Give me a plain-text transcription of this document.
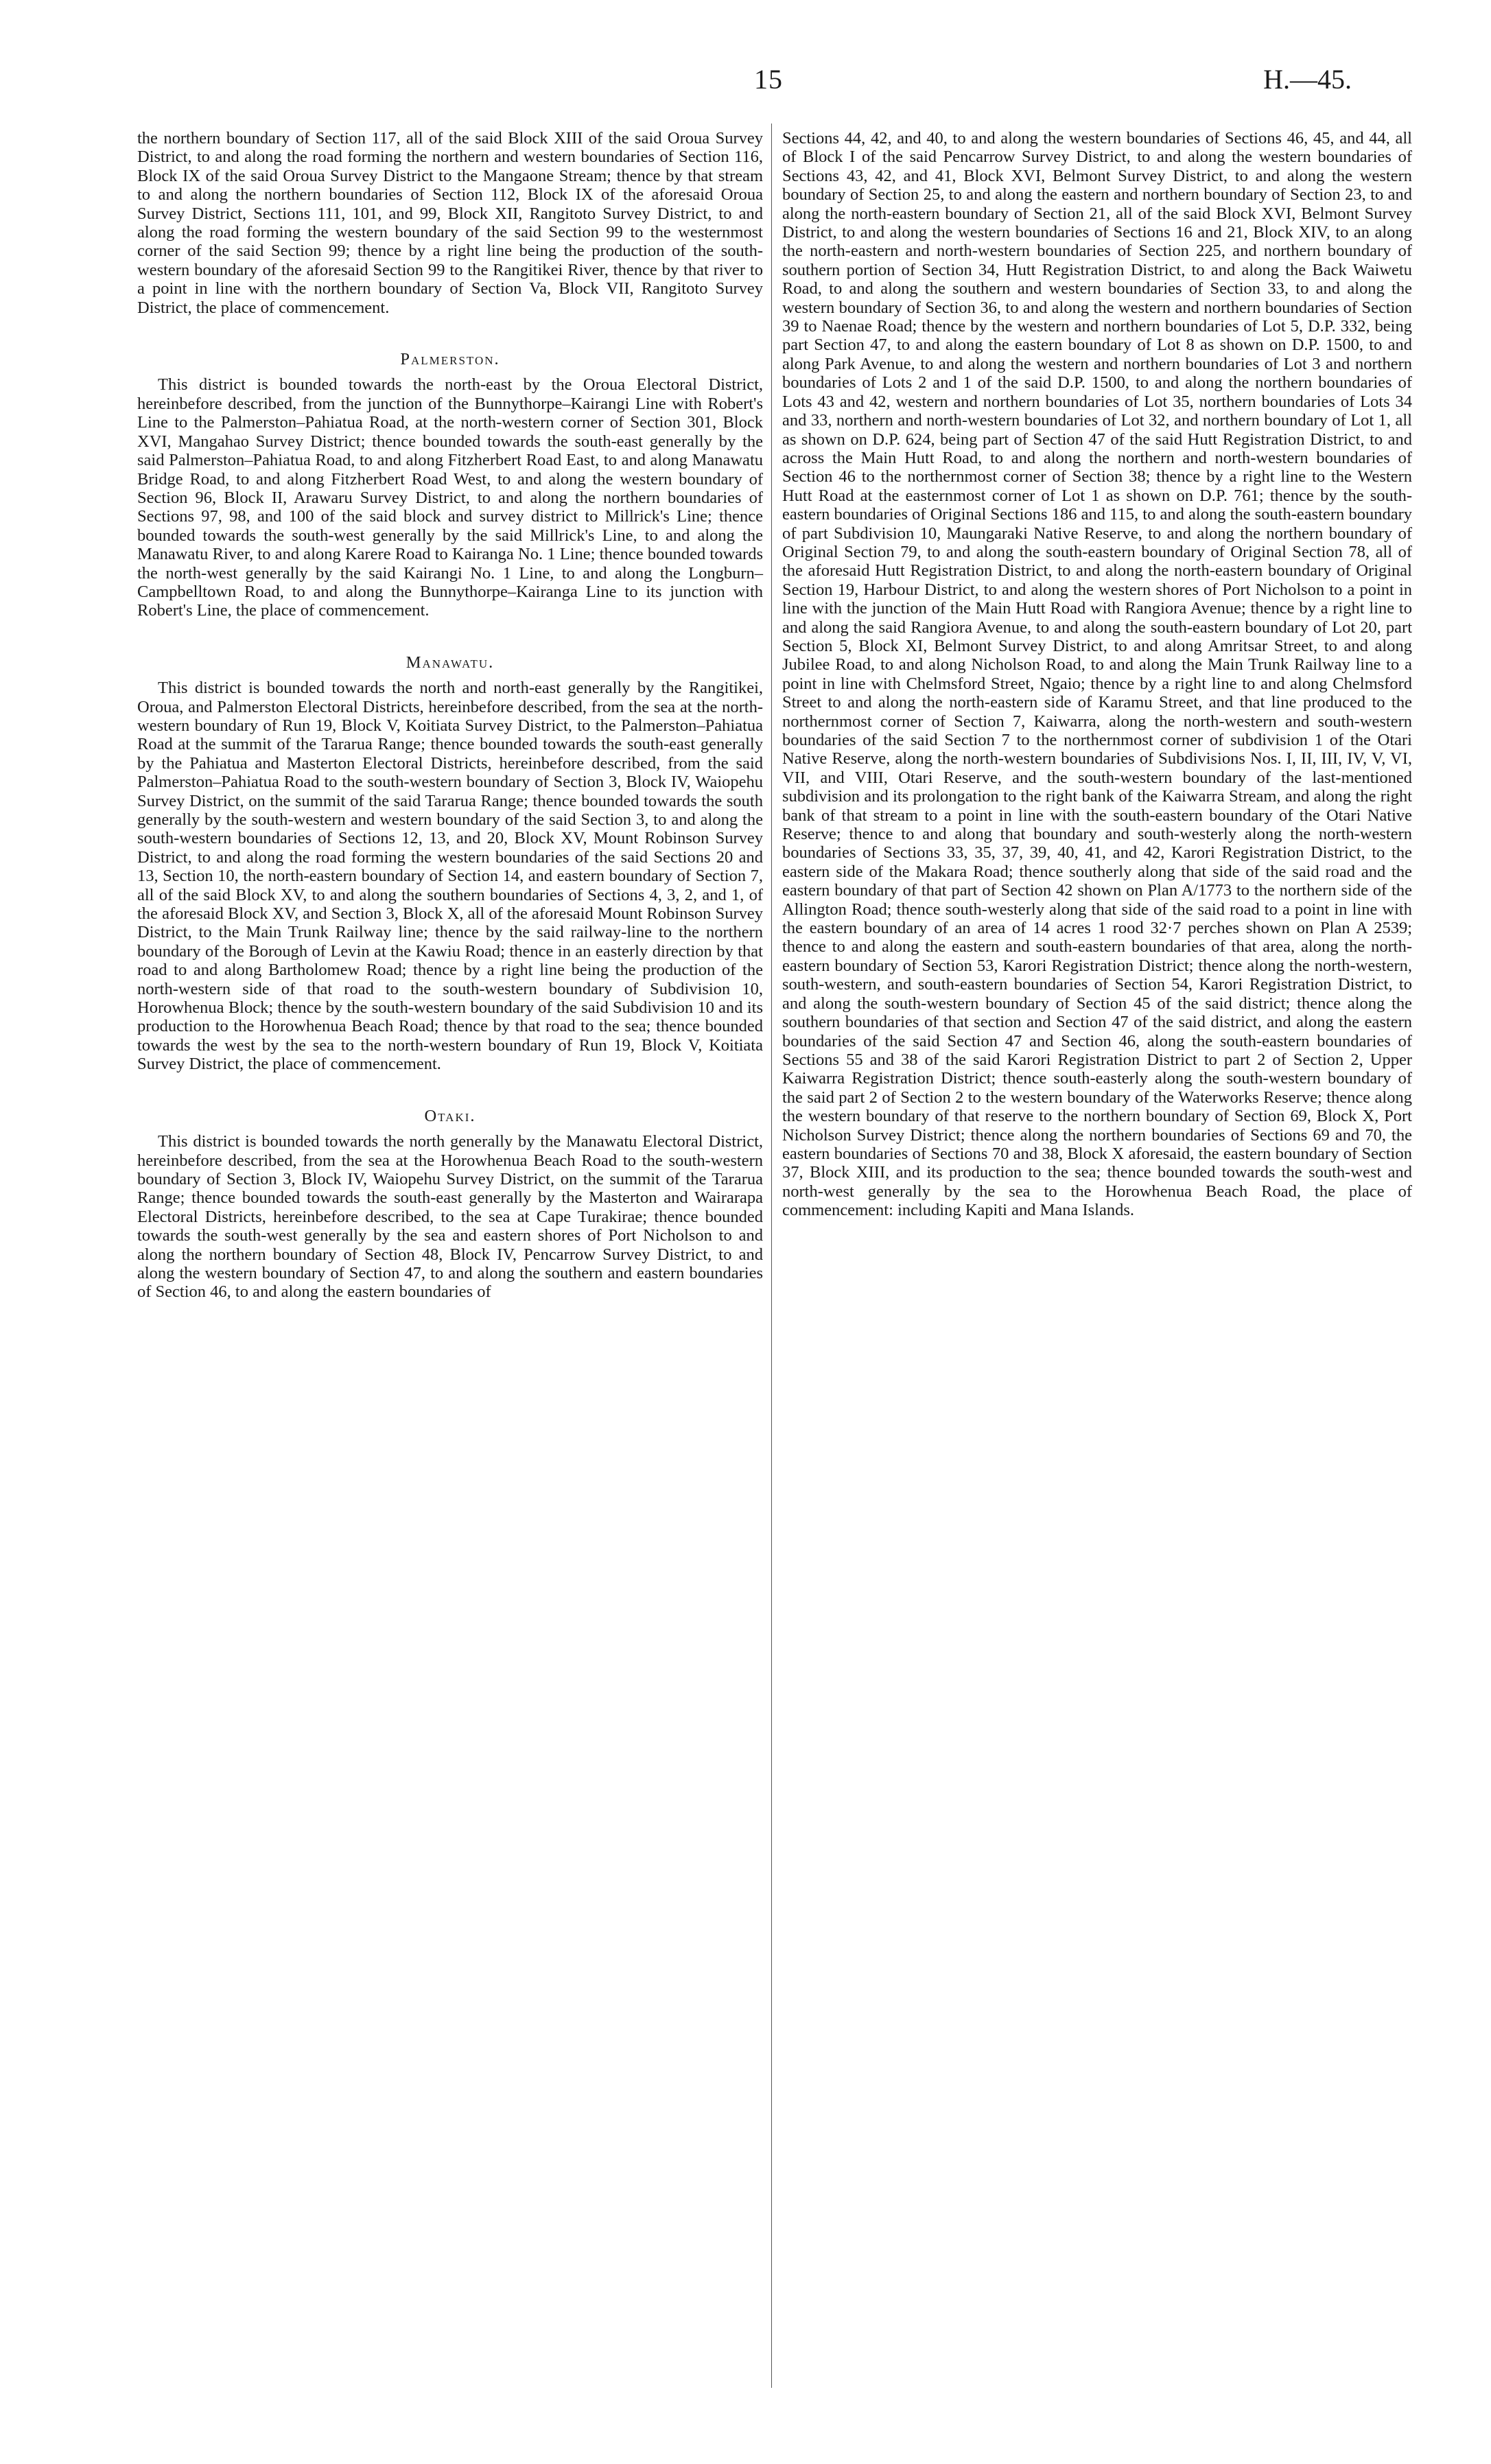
15	H.—45.

the northern boundary of Section 117, all of the said Block XIII of the said Oroua Survey District, to and along the road forming the northern and western boundaries of Section 116, Block IX of the said Oroua Survey District to the Mangaone Stream; thence by that stream to and along the northern boundaries of Section 112, Block IX of the aforesaid Oroua Survey District, Sections 111, 101, and 99, Block XII, Rangitoto Survey District, to and along the road forming the western boundary of the said Section 99 to the westernmost corner of the said Section 99; thence by a right line being the production of the south-western boundary of the aforesaid Section 99 to the Rangitikei River, thence by that river to a point in line with the northern boundary of Section Va, Block VII, Rangitoto Survey District, the place of commencement.

Palmerston.

This district is bounded towards the north-east by the Oroua Electoral District, hereinbefore described, from the junction of the Bunnythorpe–Kairangi Line with Robert's Line to the Palmerston–Pahiatua Road, at the north-western corner of Section 301, Block XVI, Mangahao Survey District; thence bounded towards the south-east generally by the said Palmerston–Pahiatua Road, to and along Fitzherbert Road East, to and along Manawatu Bridge Road, to and along Fitzherbert Road West, to and along the western boundary of Section 96, Block II, Arawaru Survey District, to and along the northern boundaries of Sections 97, 98, and 100 of the said block and survey district to Millrick's Line; thence bounded towards the south-west generally by the said Millrick's Line, to and along the Manawatu River, to and along Karere Road to Kairanga No. 1 Line; thence bounded towards the north-west generally by the said Kairangi No. 1 Line, to and along the Longburn–Campbelltown Road, to and along the Bunnythorpe–Kairanga Line to its junction with Robert's Line, the place of commencement.

Manawatu.

This district is bounded towards the north and north-east generally by the Rangitikei, Oroua, and Palmerston Electoral Districts, hereinbefore described, from the sea at the north-western boundary of Run 19, Block V, Koitiata Survey District, to the Palmerston–Pahiatua Road at the summit of the Tararua Range; thence bounded towards the south-east generally by the Pahiatua and Masterton Electoral Districts, hereinbefore described, from the said Palmerston–Pahiatua Road to the south-western boundary of Section 3, Block IV, Waiopehu Survey District, on the summit of the said Tararua Range; thence bounded towards the south generally by the south-western and western boundary of the said Section 3, to and along the south-western boundaries of Sections 12, 13, and 20, Block XV, Mount Robinson Survey District, to and along the road forming the western boundaries of the said Sections 20 and 13, Section 10, the north-eastern boundary of Section 14, and eastern boundary of Section 7, all of the said Block XV, to and along the southern boundaries of Sections 4, 3, 2, and 1, of the aforesaid Block XV, and Section 3, Block X, all of the aforesaid Mount Robinson Survey District, to the Main Trunk Railway line; thence by the said railway-line to the northern boundary of the Borough of Levin at the Kawiu Road; thence in an easterly direction by that road to and along Bartholomew Road; thence by a right line being the production of the north-western side of that road to the south-western boundary of Subdivision 10, Horowhenua Block; thence by the south-western boundary of the said Subdivision 10 and its production to the Horowhenua Beach Road; thence by that road to the sea; thence bounded towards the west by the sea to the north-western boundary of Run 19, Block V, Koitiata Survey District, the place of commencement.

Otaki.

This district is bounded towards the north generally by the Manawatu Electoral District, hereinbefore described, from the sea at the Horowhenua Beach Road to the south-western boundary of Section 3, Block IV, Waiopehu Survey District, on the summit of the Tararua Range; thence bounded towards the south-east generally by the Masterton and Wairarapa Electoral Districts, hereinbefore described, to the sea at Cape Turakirae; thence bounded towards the south-west generally by the sea and eastern shores of Port Nicholson to and along the northern boundary of Section 48, Block IV, Pencarrow Survey District, to and along the western boundary of Section 47, to and along the southern and eastern boundaries of Section 46, to and along the eastern boundaries of

Sections 44, 42, and 40, to and along the western boundaries of Sections 46, 45, and 44, all of Block I of the said Pencarrow Survey District, to and along the western boundaries of Sections 43, 42, and 41, Block XVI, Belmont Survey District, to and along the western boundary of Section 25, to and along the eastern and northern boundary of Section 23, to and along the north-eastern boundary of Section 21, all of the said Block XVI, Belmont Survey District, to and along the western boundaries of Sections 16 and 21, Block XIV, to an along the north-eastern and north-western boundaries of Section 225, and northern boundary of southern portion of Section 34, Hutt Registration District, to and along the Back Waiwetu Road, to and along the southern and western boundaries of Section 33, to and along the western boundary of Section 36, to and along the western and northern boundaries of Section 39 to Naenae Road; thence by the western and northern boundaries of Lot 5, D.P. 332, being part Section 47, to and along the eastern boundary of Lot 8 as shown on D.P. 1500, to and along Park Avenue, to and along the western and northern boundaries of Lot 3 and northern boundaries of Lots 2 and 1 of the said D.P. 1500, to and along the northern boundaries of Lots 43 and 42, western and northern boundaries of Lot 35, northern boundaries of Lots 34 and 33, northern and north-western boundaries of Lot 32, and northern boundary of Lot 1, all as shown on D.P. 624, being part of Section 47 of the said Hutt Registration District, to and across the Main Hutt Road, to and along the northern and north-western boundaries of Section 46 to the northernmost corner of Section 38; thence by a right line to the Western Hutt Road at the easternmost corner of Lot 1 as shown on D.P. 761; thence by the south-eastern boundaries of Original Sections 186 and 115, to and along the south-eastern boundary of part Subdivision 10, Maungaraki Native Reserve, to and along the northern boundary of Original Section 79, to and along the south-eastern boundary of Original Section 78, all of the aforesaid Hutt Registration District, to and along the north-eastern boundary of Original Section 19, Harbour District, to and along the western shores of Port Nicholson to a point in line with the junction of the Main Hutt Road with Rangiora Avenue; thence by a right line to and along the said Rangiora Avenue, to and along the south-eastern boundary of Lot 20, part Section 5, Block XI, Belmont Survey District, to and along Amritsar Street, to and along Jubilee Road, to and along Nicholson Road, to and along the Main Trunk Railway line to a point in line with Chelmsford Street, Ngaio; thence by a right line to and along Chelmsford Street to and along the north-eastern side of Karamu Street, and that line produced to the northernmost corner of Section 7, Kaiwarra, along the north-western and south-western boundaries of the said Section 7 to the northernmost corner of subdivision 1 of the Otari Native Reserve, along the north-western boundaries of Subdivisions Nos. I, II, III, IV, V, VI, VII, and VIII, Otari Reserve, and the south-western boundary of the last-mentioned subdivision and its prolongation to the right bank of the Kaiwarra Stream, and along the right bank of that stream to a point in line with the south-eastern boundary of the Otari Native Reserve; thence to and along that boundary and south-westerly along the north-western boundaries of Sections 33, 35, 37, 39, 40, 41, and 42, Karori Registration District, to the eastern side of the Makara Road; thence southerly along that side of the said road and the eastern boundary of that part of Section 42 shown on Plan A/1773 to the northern side of the Allington Road; thence south-westerly along that side of the said road to a point in line with the eastern boundary of an area of 14 acres 1 rood 32·7 perches shown on Plan A 2539; thence to and along the eastern and south-eastern boundaries of that area, along the north-eastern boundary of Section 53, Karori Registration District; thence along the north-western, south-western, and south-eastern boundaries of Section 54, Karori Registration District, to and along the south-western boundary of Section 45 of the said district; thence along the southern boundaries of that section and Section 47 of the said district, and along the eastern boundaries of the said Section 47 and Section 46, along the south-eastern boundaries of Sections 55 and 38 of the said Karori Registration District to part 2 of Section 2, Upper Kaiwarra Registration District; thence south-easterly along the south-western boundary of the said part 2 of Section 2 to the western boundary of the Waterworks Reserve; thence along the western boundary of that reserve to the northern boundary of Section 69, Block X, Port Nicholson Survey District; thence along the northern boundaries of Sections 69 and 70, the eastern boundaries of Sections 70 and 38, Block X aforesaid, the eastern boundary of Section 37, Block XIII, and its production to the sea; thence bounded towards the south-west and north-west generally by the sea to the Horowhenua Beach Road, the place of commencement: including Kapiti and Mana Islands.
